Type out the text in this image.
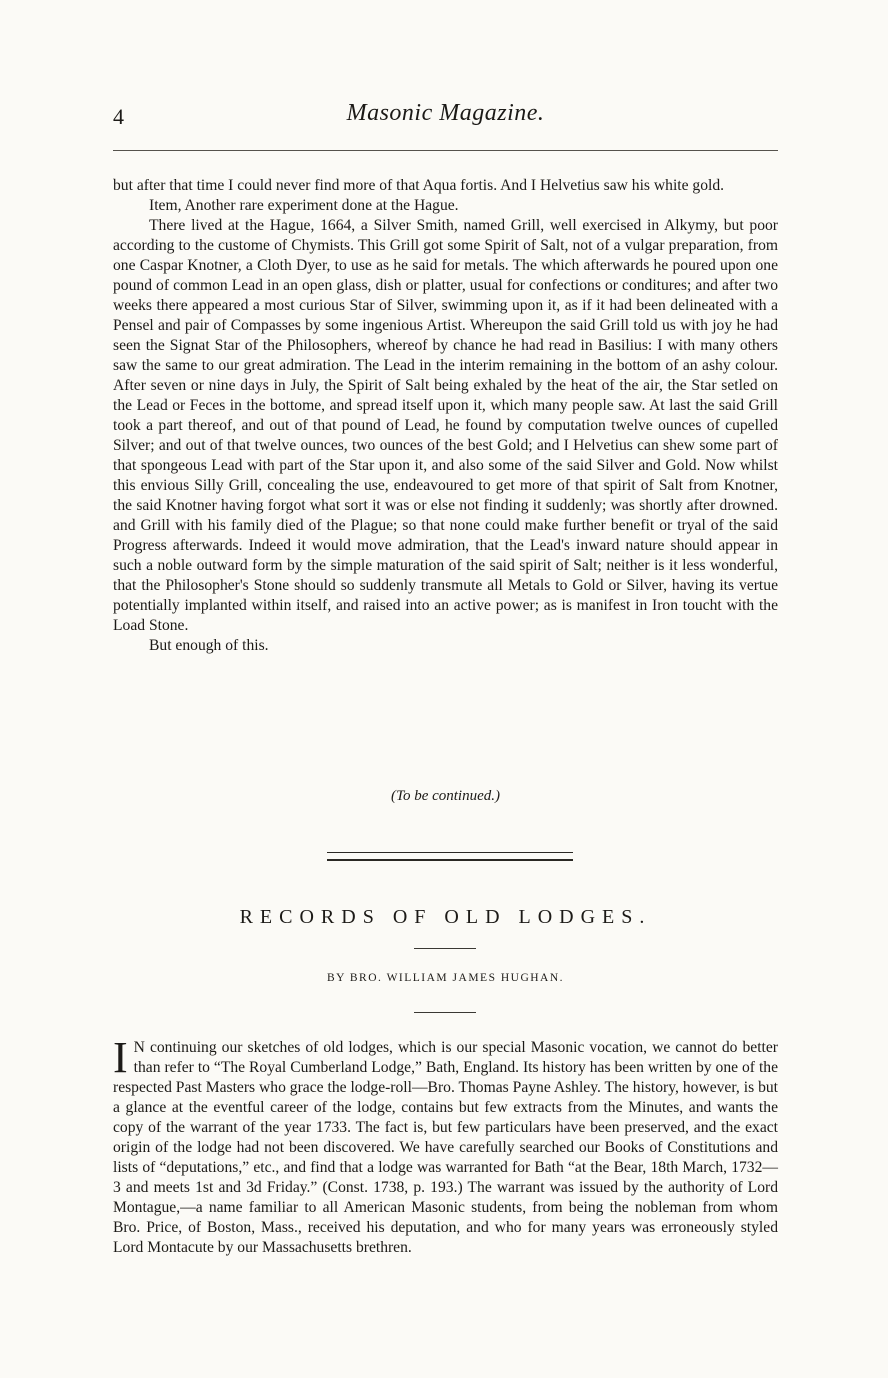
4	Masonic Magazine.

but after that time I could never find more of that Aqua fortis. And I Helvetius saw his white gold.

Item, Another rare experiment done at the Hague.

There lived at the Hague, 1664, a Silver Smith, named Grill, well exercised in Alkymy, but poor according to the custome of Chymists. This Grill got some Spirit of Salt, not of a vulgar preparation, from one Caspar Knotner, a Cloth Dyer, to use as he said for metals. The which afterwards he poured upon one pound of common Lead in an open glass, dish or platter, usual for confections or conditures; and after two weeks there appeared a most curious Star of Silver, swimming upon it, as if it had been delineated with a Pensel and pair of Compasses by some ingenious Artist. Whereupon the said Grill told us with joy he had seen the Signat Star of the Philosophers, whereof by chance he had read in Basilius: I with many others saw the same to our great admiration. The Lead in the interim remaining in the bottom of an ashy colour. After seven or nine days in July, the Spirit of Salt being exhaled by the heat of the air, the Star setled on the Lead or Feces in the bottome, and spread itself upon it, which many people saw. At last the said Grill took a part thereof, and out of that pound of Lead, he found by computation twelve ounces of cupelled Silver; and out of that twelve ounces, two ounces of the best Gold; and I Helvetius can shew some part of that spongeous Lead with part of the Star upon it, and also some of the said Silver and Gold. Now whilst this envious Silly Grill, concealing the use, endeavoured to get more of that spirit of Salt from Knotner, the said Knotner having forgot what sort it was or else not finding it suddenly; was shortly after drowned. and Grill with his family died of the Plague; so that none could make further benefit or tryal of the said Progress afterwards. Indeed it would move admiration, that the Lead's inward nature should appear in such a noble outward form by the simple maturation of the said spirit of Salt; neither is it less wonderful, that the Philosopher's Stone should so suddenly transmute all Metals to Gold or Silver, having its vertue potentially implanted within itself, and raised into an active power; as is manifest in Iron toucht with the Load Stone.

But enough of this.

(To be continued.)
RECORDS OF OLD LODGES.
BY BRO. WILLIAM JAMES HUGHAN.

I N continuing our sketches of old lodges, which is our special Masonic vocation, we cannot do better than refer to “The Royal Cumberland Lodge,” Bath, England. Its history has been written by one of the respected Past Masters who grace the lodge-roll—Bro. Thomas Payne Ashley. The history, however, is but a glance at the eventful career of the lodge, contains but few extracts from the Minutes, and wants the copy of the warrant of the year 1733. The fact is, but few particulars have been preserved, and the exact origin of the lodge had not been discovered. We have carefully searched our Books of Constitutions and lists of “deputations,” etc., and find that a lodge was warranted for Bath “at the Bear, 18th March, 1732—3 and meets 1st and 3d Friday.” (Const. 1738, p. 193.) The warrant was issued by the authority of Lord Montague,—a name familiar to all American Masonic students, from being the nobleman from whom Bro. Price, of Boston, Mass., received his deputation, and who for many years was erroneously styled Lord Montacute by our Massachusetts brethren.
